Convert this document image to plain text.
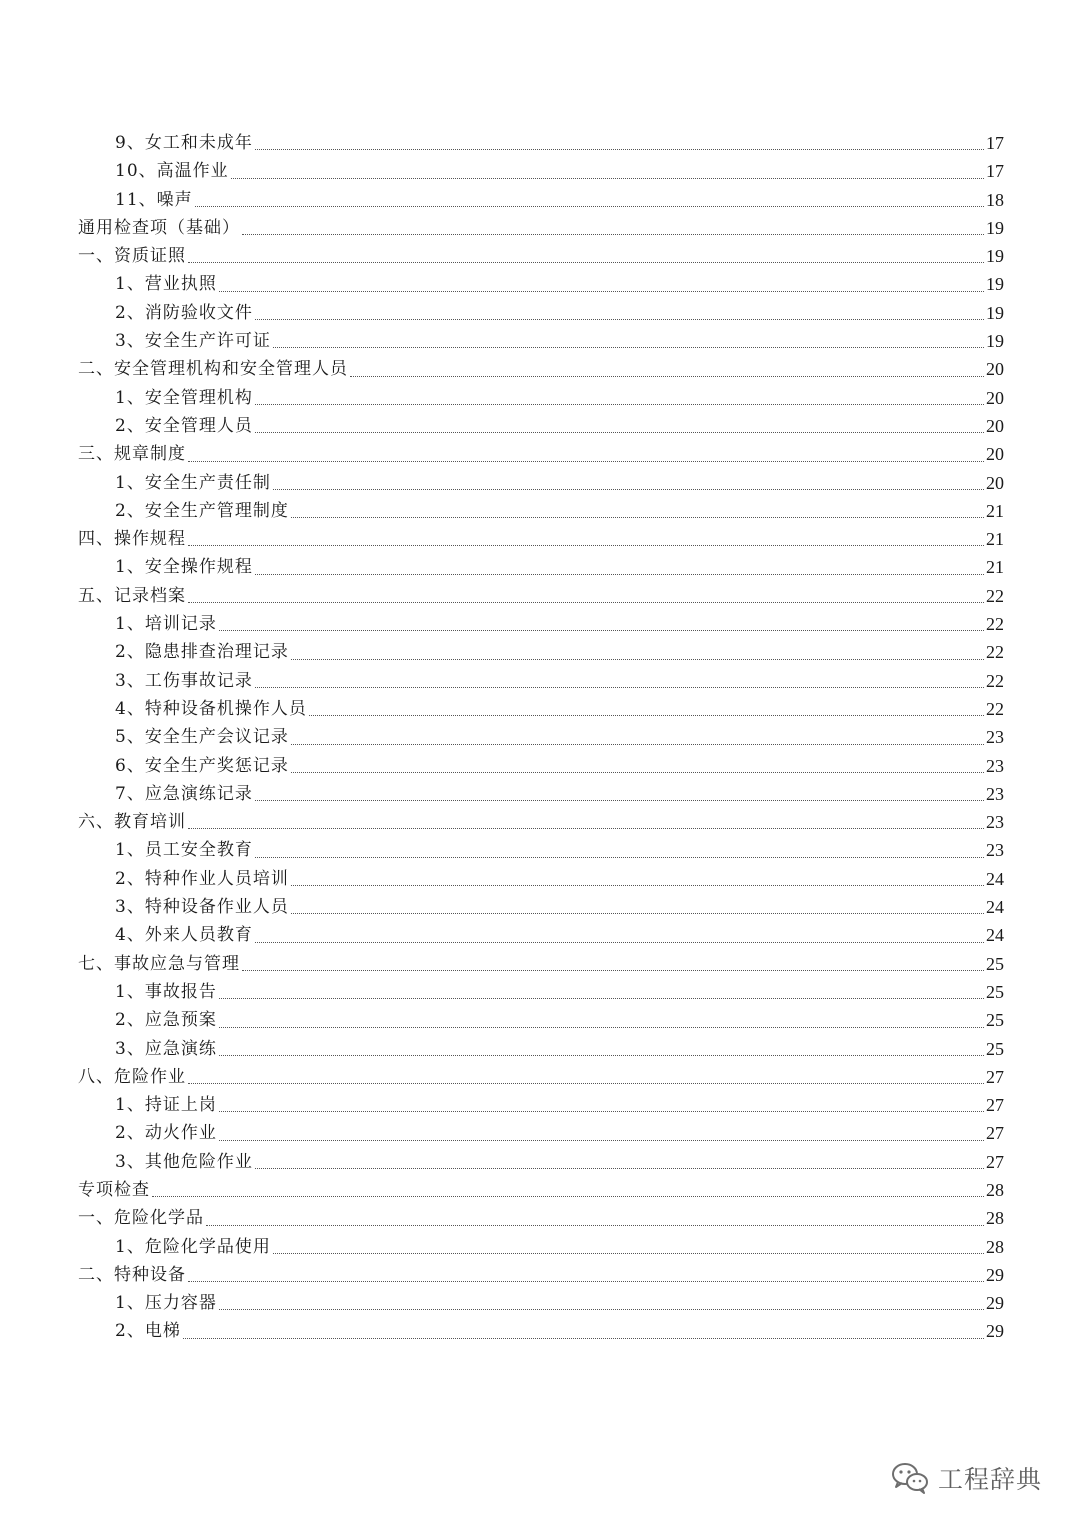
9、女工和未成年	17
10、高温作业	17
11、噪声	18
通用检查项（基础）	19
一、资质证照	19
1、营业执照	19
2、消防验收文件	19
3、安全生产许可证	19
二、安全管理机构和安全管理人员	20
1、安全管理机构	20
2、安全管理人员	20
三、规章制度	20
1、安全生产责任制	20
2、安全生产管理制度	21
四、操作规程	21
1、安全操作规程	21
五、记录档案	22
1、培训记录	22
2、隐患排查治理记录	22
3、工伤事故记录	22
4、特种设备机操作人员	22
5、安全生产会议记录	23
6、安全生产奖惩记录	23
7、应急演练记录	23
六、教育培训	23
1、员工安全教育	23
2、特种作业人员培训	24
3、特种设备作业人员	24
4、外来人员教育	24
七、事故应急与管理	25
1、事故报告	25
2、应急预案	25
3、应急演练	25
八、危险作业	27
1、持证上岗	27
2、动火作业	27
3、其他危险作业	27
专项检查	28
一、危险化学品	28
1、危险化学品使用	28
二、特种设备	29
1、压力容器	29
2、电梯	29
工程辞典
